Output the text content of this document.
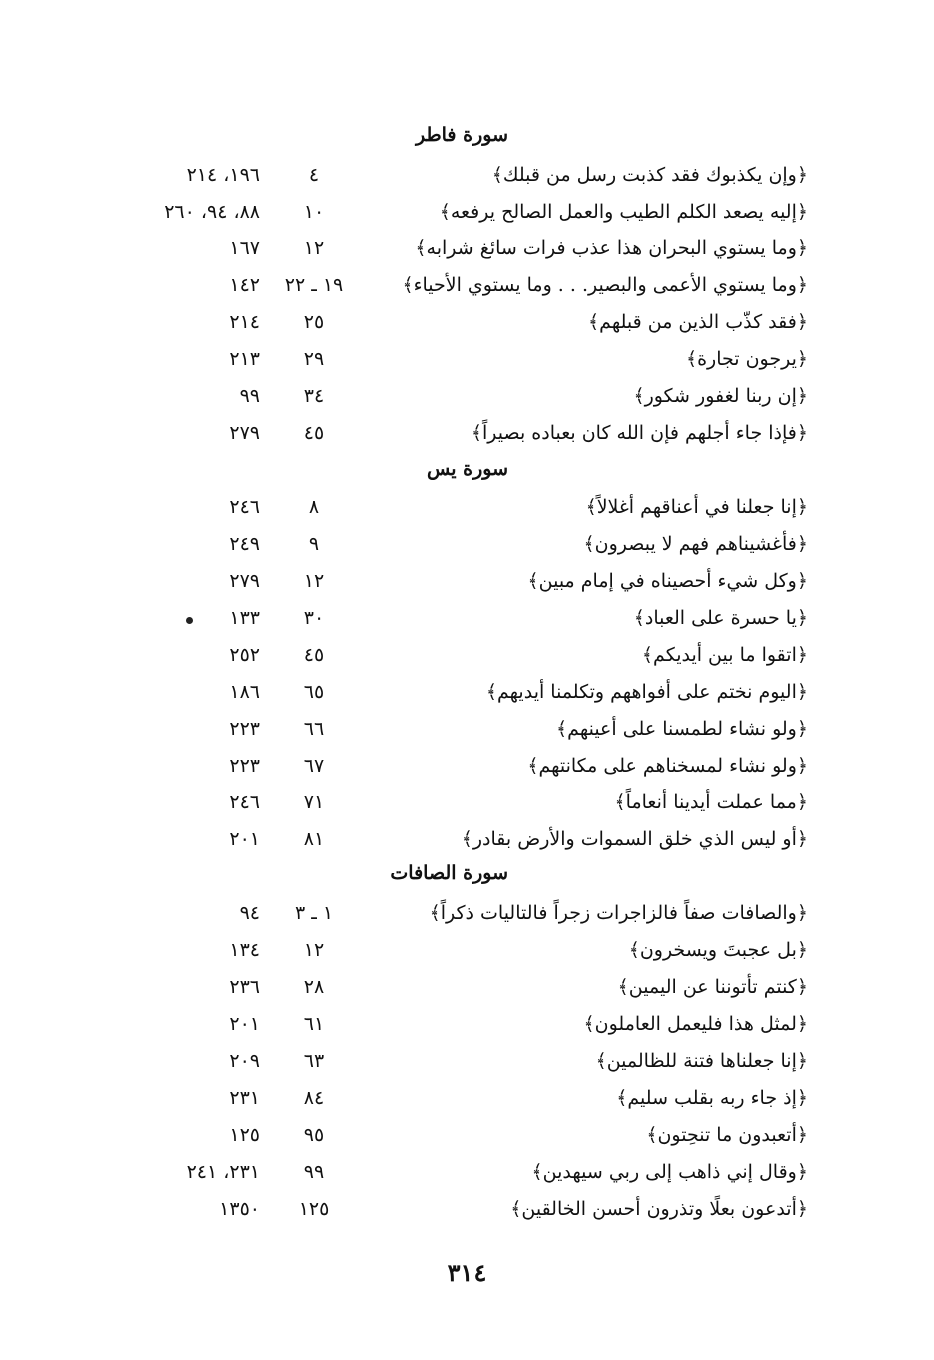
سورة فاطر
﴿وإن يكذبوك فقد كذبت رسل من قبلك﴾
٤
١٩٦، ٢١٤
﴿إليه يصعد الكلم الطيب والعمل الصالح يرفعه﴾
١٠
٨٨، ٩٤، ٢٦٠
﴿وما يستوي البحران هذا عذب فرات سائغ شرابه﴾
١٢
١٦٧
﴿وما يستوي الأعمى والبصير. . . وما يستوي الأحياء﴾
١٩ ـ ٢٢
١٤٢
﴿فقد كذّب الذين من قبلهم﴾
٢٥
٢١٤
﴿يرجون تجارة﴾
٢٩
٢١٣
﴿إن ربنا لغفور شكور﴾
٣٤
٩٩
﴿فإذا جاء أجلهم فإن الله كان بعباده بصيراً﴾
٤٥
٢٧٩
سورة يس
﴿إنا جعلنا في أعناقهم أغلالاً﴾
٨
٢٤٦
﴿فأغشيناهم فهم لا يبصرون﴾
٩
٢٤٩
﴿وكل شيء أحصيناه في إمام مبين﴾
١٢
٢٧٩
﴿يا حسرة على العباد﴾
٣٠
١٣٣
﴿اتقوا ما بين أيديكم﴾
٤٥
٢٥٢
﴿اليوم نختم على أفواههم وتكلمنا أيديهم﴾
٦٥
١٨٦
﴿ولو نشاء لطمسنا على أعينهم﴾
٦٦
٢٢٣
﴿ولو نشاء لمسخناهم على مكانتهم﴾
٦٧
٢٢٣
﴿مما عملت أيدينا أنعاماً﴾
٧١
٢٤٦
﴿أو ليس الذي خلق السموات والأرض بقادر﴾
٨١
٢٠١
سورة الصافات
﴿والصافات صفاً فالزاجرات زجراً فالتاليات ذكراً﴾
١ ـ ٣
٩٤
﴿بل عجبتَ ويسخرون﴾
١٢
١٣٤
﴿كنتم تأتوننا عن اليمين﴾
٢٨
٢٣٦
﴿لمثل هذا فليعمل العاملون﴾
٦١
٢٠١
﴿إنا جعلناها فتنة للظالمين﴾
٦٣
٢٠٩
﴿إذ جاء ربه بقلب سليم﴾
٨٤
٢٣١
﴿أتعبدون ما تنحِتون﴾
٩٥
١٢٥
﴿وقال إني ذاهب إلى ربي سيهدين﴾
٩٩
٢٣١، ٢٤١
﴿أتدعون بعلًا وتذرون أحسن الخالقين﴾
١٢٥
١٣٥٠
٣١٤
